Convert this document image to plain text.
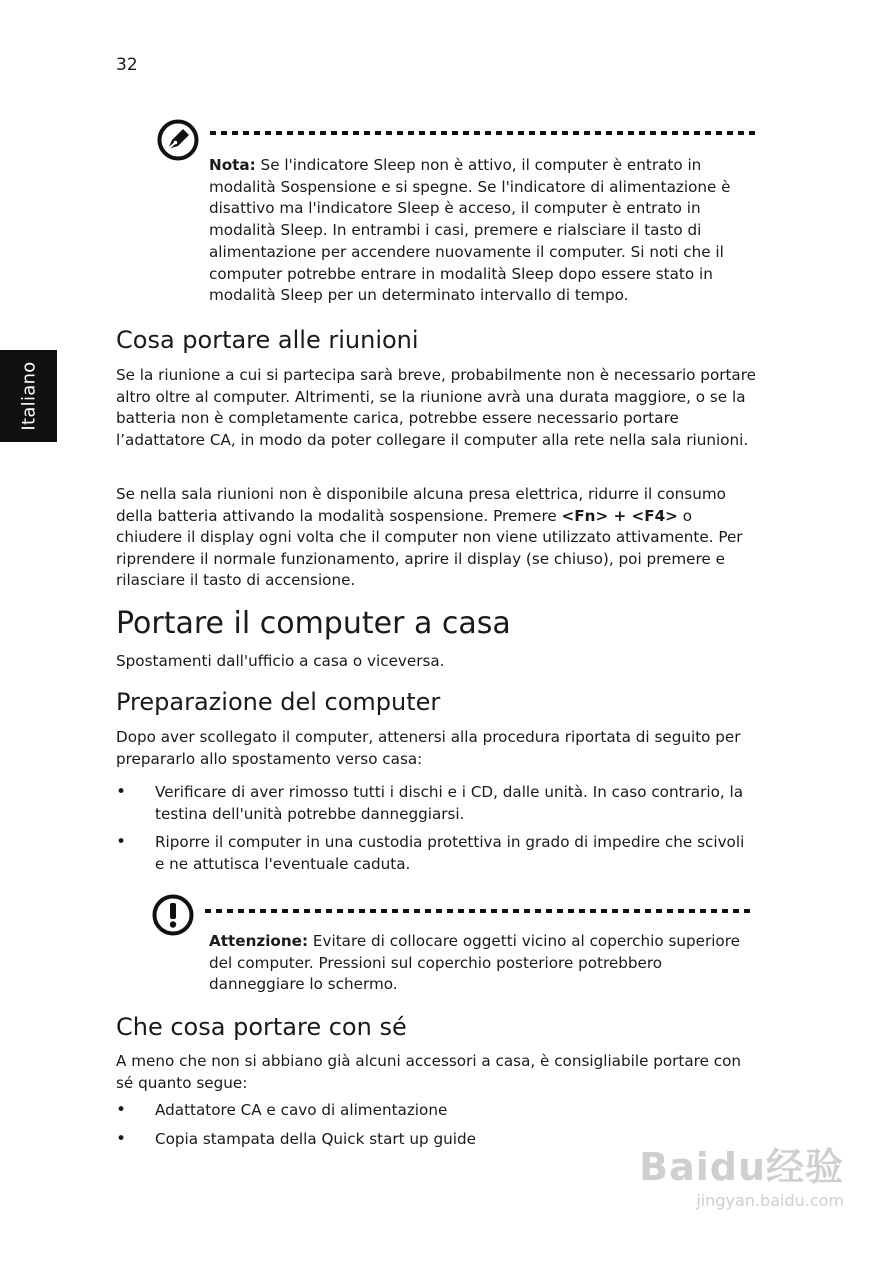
32
Italiano
Nota: Se l'indicatore Sleep non è attivo, il computer è entrato in modalità Sospensione e si spegne. Se l'indicatore di alimentazione è disattivo ma l'indicatore Sleep è acceso, il computer è entrato in modalità Sleep. In entrambi i casi, premere e rialsciare il tasto di alimentazione per accendere nuovamente il computer. Si noti che il computer potrebbe entrare in modalità Sleep dopo essere stato in modalità Sleep per un determinato intervallo di tempo.
Cosa portare alle riunioni

Se la riunione a cui si partecipa sarà breve, probabilmente non è necessario portare altro oltre al computer. Altrimenti, se la riunione avrà una durata maggiore, o se la batteria non è completamente carica, potrebbe essere necessario portare l’adattatore CA, in modo da poter collegare il computer alla rete nella sala riunioni.

Se nella sala riunioni non è disponibile alcuna presa elettrica, ridurre il consumo della batteria attivando la modalità sospensione. Premere <Fn> + <F4> o chiudere il display ogni volta che il computer non viene utilizzato attivamente. Per riprendere il normale funzionamento, aprire il display (se chiuso), poi premere e rilasciare il tasto di accensione.

Portare il computer a casa

Spostamenti dall'ufficio a casa o viceversa.

Preparazione del computer

Dopo aver scollegato il computer, attenersi alla procedura riportata di seguito per prepararlo allo spostamento verso casa:

• Verificare di aver rimosso tutti i dischi e i CD, dalle unità. In caso contrario, la testina dell'unità potrebbe danneggiarsi.
• Riporre il computer in una custodia protettiva in grado di impedire che scivoli e ne attutisca l'eventuale caduta.
Attenzione: Evitare di collocare oggetti vicino al coperchio superiore del computer. Pressioni sul coperchio posteriore potrebbero danneggiare lo schermo.
Che cosa portare con sé

A meno che non si abbiano già alcuni accessori a casa, è consigliabile portare con sé quanto segue:

• Adattatore CA e cavo di alimentazione
• Copia stampata della Quick start up guide
Baidu经验
jingyan.baidu.com
